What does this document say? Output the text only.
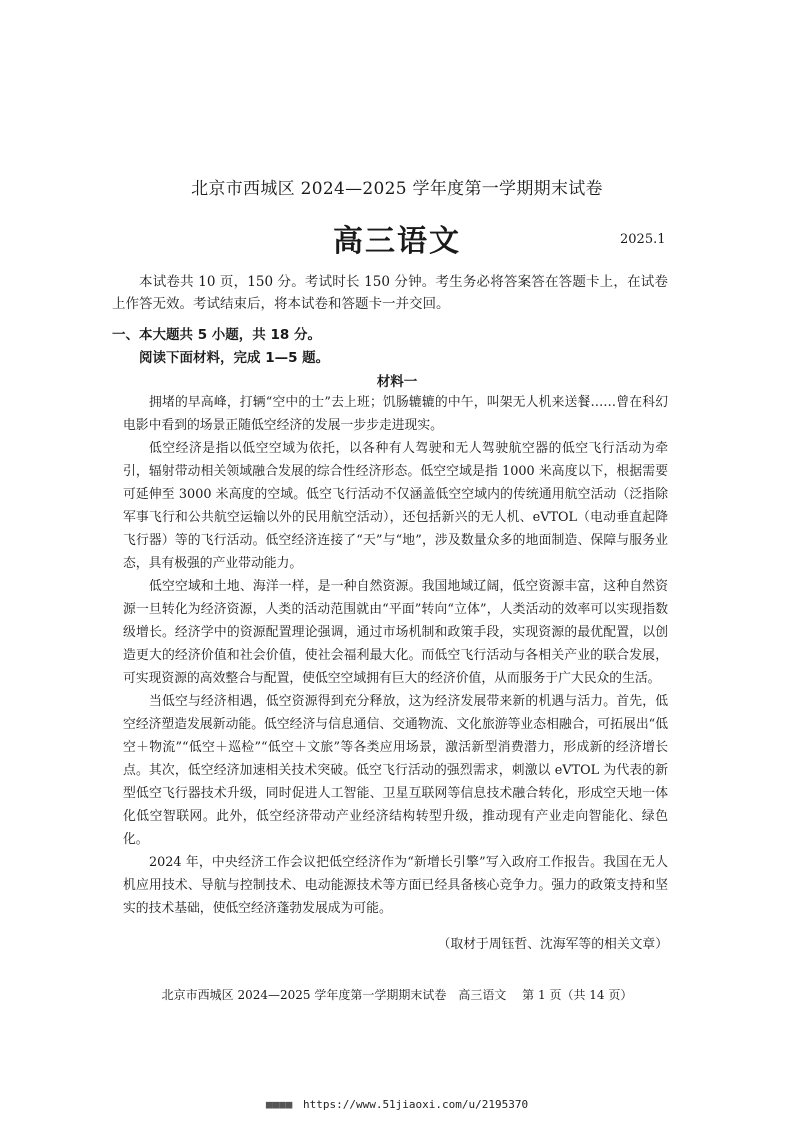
北京市西城区 2024—2025 学年度第一学期期末试卷
高三语文	2025.1
本试卷共 10 页，150 分。考试时长 150 分钟。考生务必将答案答在答题卡上，在试卷上作答无效。考试结束后，将本试卷和答题卡一并交回。
一、本大题共 5 小题，共 18 分。
阅读下面材料，完成 1—5 题。
材料一

拥堵的早高峰，打辆“空中的士”去上班；饥肠辘辘的中午，叫架无人机来送餐……曾在科幻电影中看到的场景正随低空经济的发展一步步走进现实。

低空经济是指以低空空域为依托，以各种有人驾驶和无人驾驶航空器的低空飞行活动为牵引，辐射带动相关领域融合发展的综合性经济形态。低空空域是指 1000 米高度以下，根据需要可延伸至 3000 米高度的空域。低空飞行活动不仅涵盖低空空域内的传统通用航空活动（泛指除军事飞行和公共航空运输以外的民用航空活动），还包括新兴的无人机、eVTOL（电动垂直起降飞行器）等的飞行活动。低空经济连接了“天”与“地”，涉及数量众多的地面制造、保障与服务业态，具有极强的产业带动能力。

低空空域和土地、海洋一样，是一种自然资源。我国地域辽阔，低空资源丰富，这种自然资源一旦转化为经济资源，人类的活动范围就由“平面”转向“立体”，人类活动的效率可以实现指数级增长。经济学中的资源配置理论强调，通过市场机制和政策手段，实现资源的最优配置，以创造更大的经济价值和社会价值，使社会福利最大化。而低空飞行活动与各相关产业的联合发展，可实现资源的高效整合与配置，使低空空域拥有巨大的经济价值，从而服务于广大民众的生活。

当低空与经济相遇，低空资源得到充分释放，这为经济发展带来新的机遇与活力。首先，低空经济塑造发展新动能。低空经济与信息通信、交通物流、文化旅游等业态相融合，可拓展出“低空＋物流”“低空＋巡检”“低空＋文旅”等各类应用场景，激活新型消费潜力，形成新的经济增长点。其次，低空经济加速相关技术突破。低空飞行活动的强烈需求，刺激以 eVTOL 为代表的新型低空飞行器技术升级，同时促进人工智能、卫星互联网等信息技术融合转化，形成空天地一体化低空智联网。此外，低空经济带动产业经济结构转型升级，推动现有产业走向智能化、绿色化。

2024 年，中央经济工作会议把低空经济作为“新增长引擎”写入政府工作报告。我国在无人机应用技术、导航与控制技术、电动能源技术等方面已经具备核心竞争力。强力的政策支持和坚实的技术基础，使低空经济蓬勃发展成为可能。

（取材于周钰哲、沈海军等的相关文章）
北京市西城区 2024—2025 学年度第一学期期末试卷　高三语文　 第 1 页（共 14 页）
■■■■ https://www.51jiaoxi.com/u/2195370
